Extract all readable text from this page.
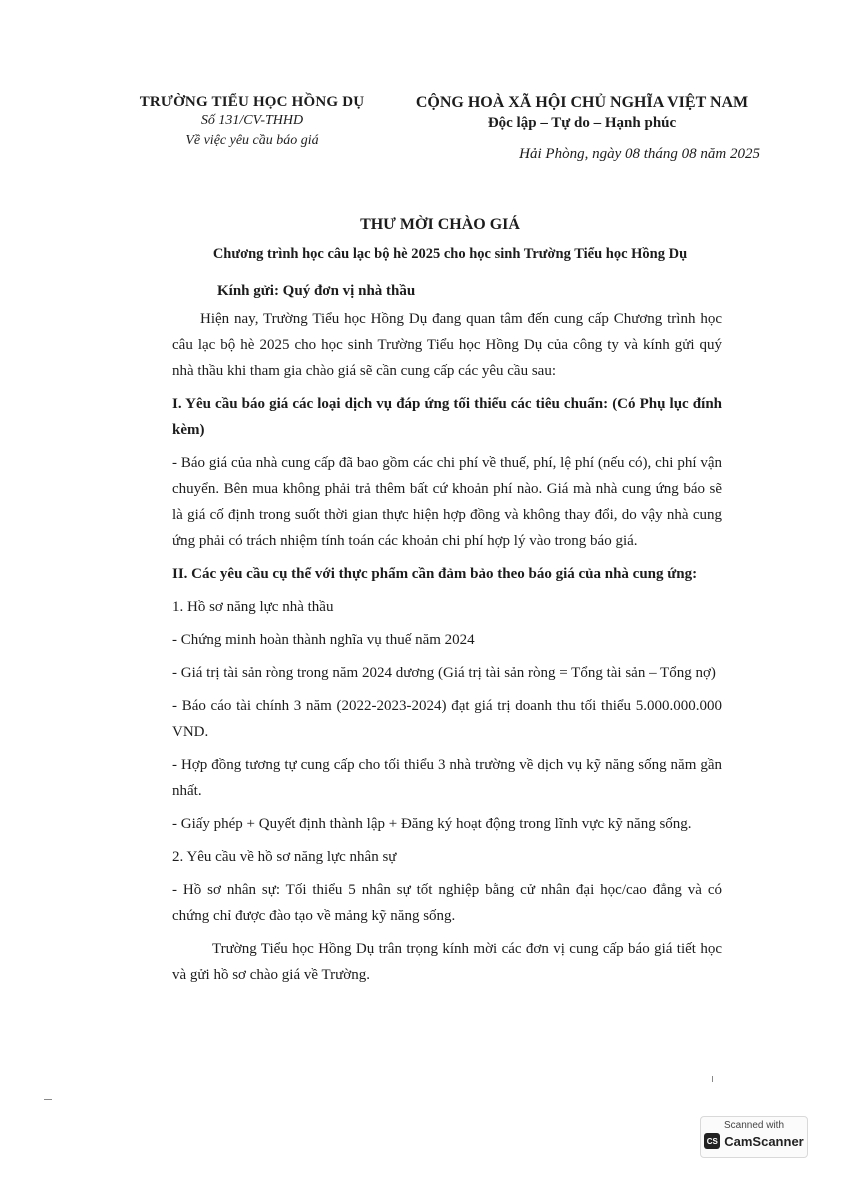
TRƯỜNG TIỂU HỌC HỒNG DỤ
Số 131/CV-THHD
Về việc yêu cầu báo giá
CỘNG HOÀ XÃ HỘI CHỦ NGHĨA VIỆT NAM
Độc lập – Tự do – Hạnh phúc
Hải Phòng, ngày 08 tháng 08 năm 2025
THƯ MỜI CHÀO GIÁ
Chương trình học câu lạc bộ hè 2025 cho học sinh Trường Tiểu học Hồng Dụ
Kính gửi: Quý đơn vị nhà thầu

Hiện nay, Trường Tiểu học Hồng Dụ đang quan tâm đến cung cấp Chương trình học câu lạc bộ hè 2025 cho học sinh Trường Tiểu học Hồng Dụ của công ty và kính gửi quý nhà thầu khi tham gia chào giá sẽ cần cung cấp các yêu cầu sau:

I. Yêu cầu báo giá các loại dịch vụ đáp ứng tối thiểu các tiêu chuẩn: (Có Phụ lục đính kèm)

- Báo giá của nhà cung cấp đã bao gồm các chi phí về thuế, phí, lệ phí (nếu có), chi phí vận chuyển. Bên mua không phải trả thêm bất cứ khoản phí nào. Giá mà nhà cung ứng báo sẽ là giá cố định trong suốt thời gian thực hiện hợp đồng và không thay đổi, do vậy nhà cung ứng phải có trách nhiệm tính toán các khoản chi phí hợp lý vào trong báo giá.

II. Các yêu cầu cụ thể với thực phẩm cần đảm bảo theo báo giá của nhà cung ứng:

1. Hồ sơ năng lực nhà thầu

- Chứng minh hoàn thành nghĩa vụ thuế năm 2024

- Giá trị tài sản ròng trong năm 2024 dương (Giá trị tài sản ròng = Tổng tài sản – Tổng nợ)

- Báo cáo tài chính 3 năm (2022-2023-2024) đạt giá trị doanh thu tối thiểu 5.000.000.000 VND.

- Hợp đồng tương tự cung cấp cho tối thiểu 3 nhà trường về dịch vụ kỹ năng sống năm gần nhất.

- Giấy phép + Quyết định thành lập + Đăng ký hoạt động trong lĩnh vực kỹ năng sống.

2. Yêu cầu về hồ sơ năng lực nhân sự

- Hồ sơ nhân sự: Tối thiểu 5 nhân sự tốt nghiệp bằng cử nhân đại học/cao đẳng và có chứng chỉ được đào tạo về mảng kỹ năng sống.

Trường Tiểu học Hồng Dụ trân trọng kính mời các đơn vị cung cấp báo giá tiết học và gửi hồ sơ chào giá về Trường.

Scanned with
CS CamScanner
